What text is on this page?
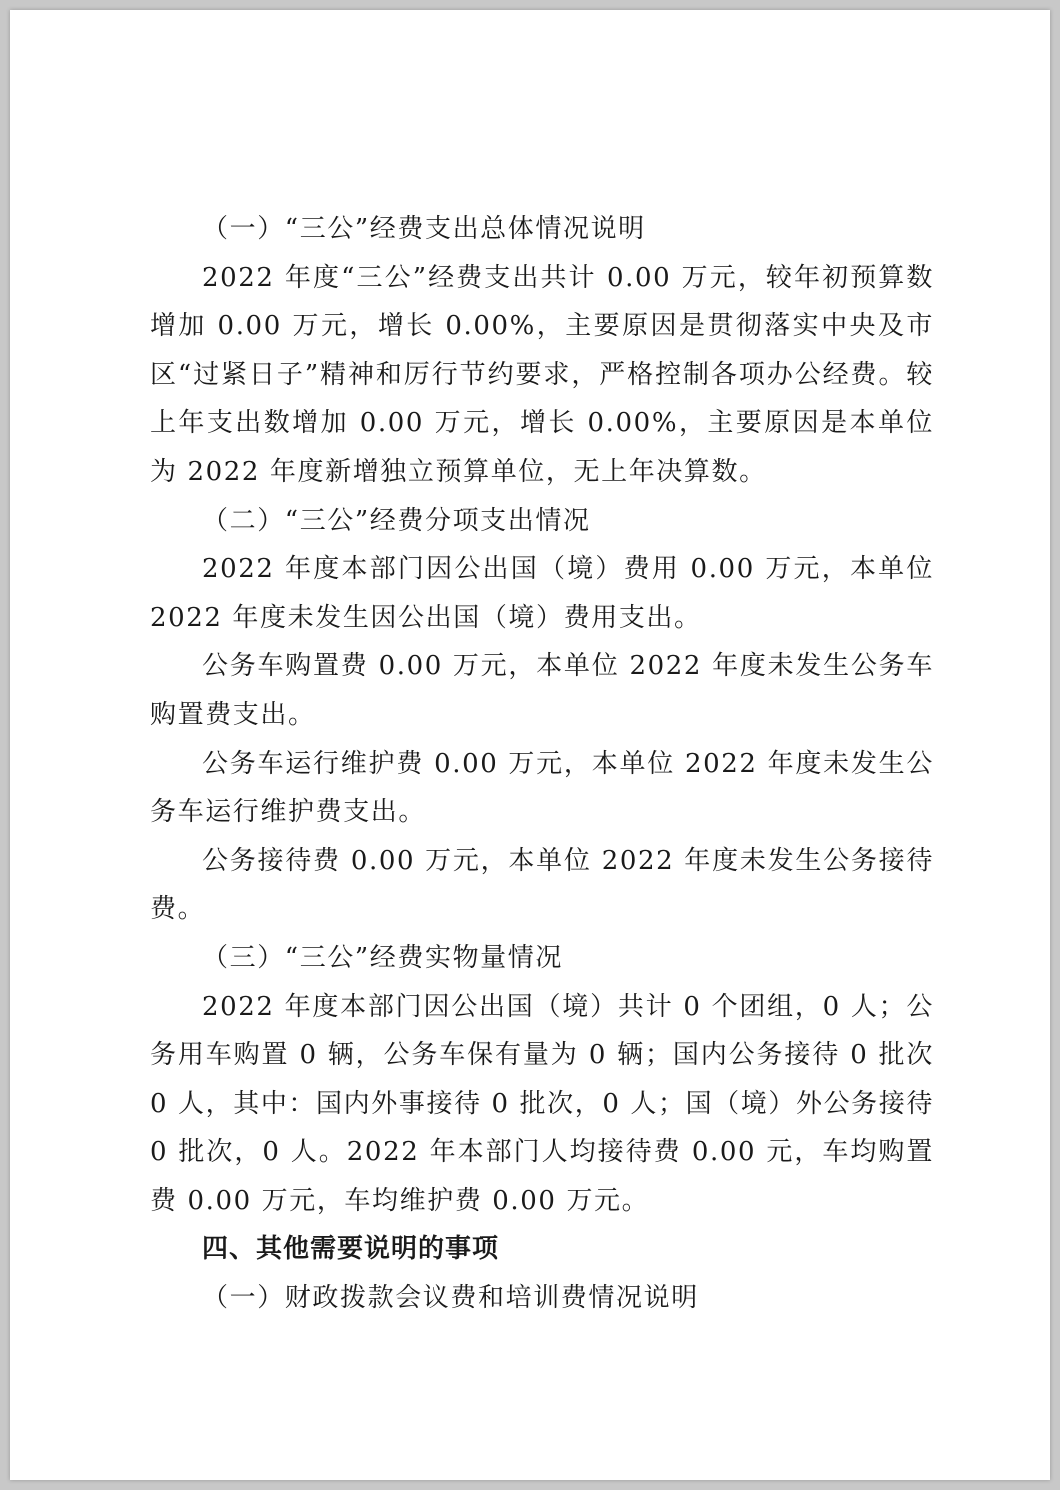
（一）“三公”经费支出总体情况说明

2022 年度“三公”经费支出共计 0.00 万元，较年初预算数增加 0.00 万元，增长 0.00%，主要原因是贯彻落实中央及市区“过紧日子”精神和厉行节约要求，严格控制各项办公经费。较上年支出数增加 0.00 万元，增长 0.00%，主要原因是本单位为 2022 年度新增独立预算单位，无上年决算数。

（二）“三公”经费分项支出情况

2022 年度本部门因公出国（境）费用 0.00 万元，本单位 2022 年度未发生因公出国（境）费用支出。

公务车购置费 0.00 万元，本单位 2022 年度未发生公务车购置费支出。

公务车运行维护费 0.00 万元，本单位 2022 年度未发生公务车运行维护费支出。

公务接待费 0.00 万元，本单位 2022 年度未发生公务接待费。

（三）“三公”经费实物量情况

2022 年度本部门因公出国（境）共计 0 个团组，0 人；公务用车购置 0 辆，公务车保有量为 0 辆；国内公务接待 0 批次 0 人，其中：国内外事接待 0 批次，0 人；国（境）外公务接待 0 批次，0 人。2022 年本部门人均接待费 0.00 元，车均购置费 0.00 万元，车均维护费 0.00 万元。

四、其他需要说明的事项

（一）财政拨款会议费和培训费情况说明
